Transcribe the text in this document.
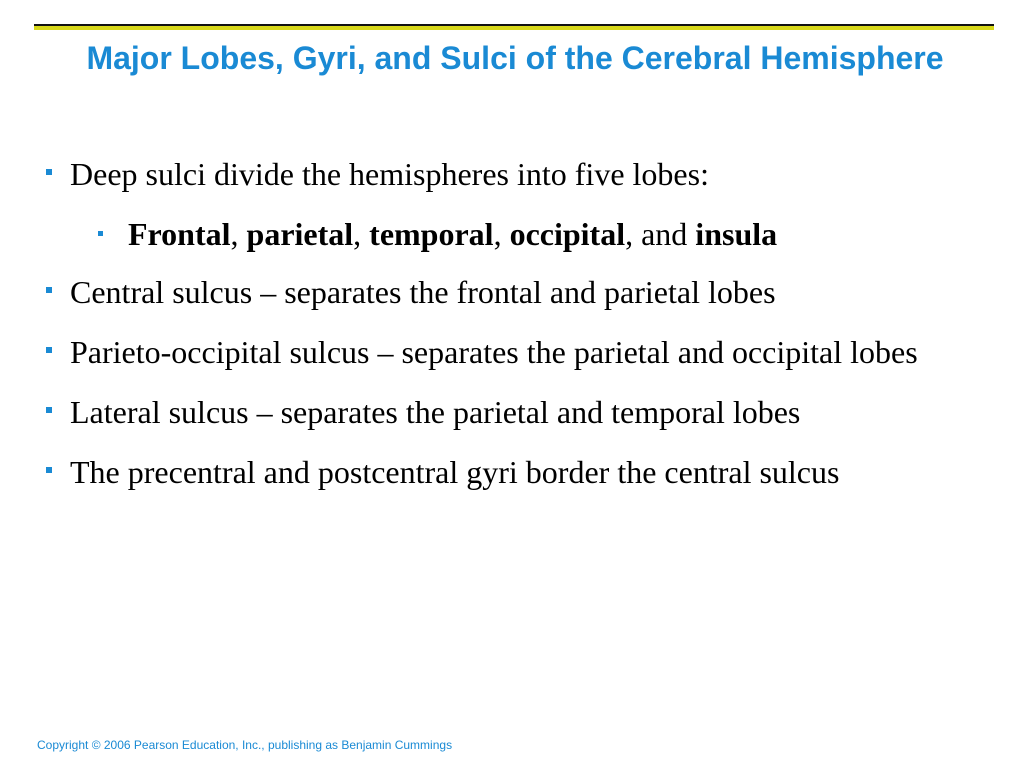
Major Lobes, Gyri, and Sulci of the Cerebral Hemisphere
Deep sulci divide the hemispheres into five lobes:
Frontal, parietal, temporal, occipital, and insula
Central sulcus – separates the frontal and parietal lobes
Parieto-occipital sulcus – separates the parietal and occipital lobes
Lateral sulcus – separates the parietal and temporal lobes
The precentral and postcentral gyri border the central sulcus
Copyright © 2006 Pearson Education, Inc., publishing as Benjamin Cummings
